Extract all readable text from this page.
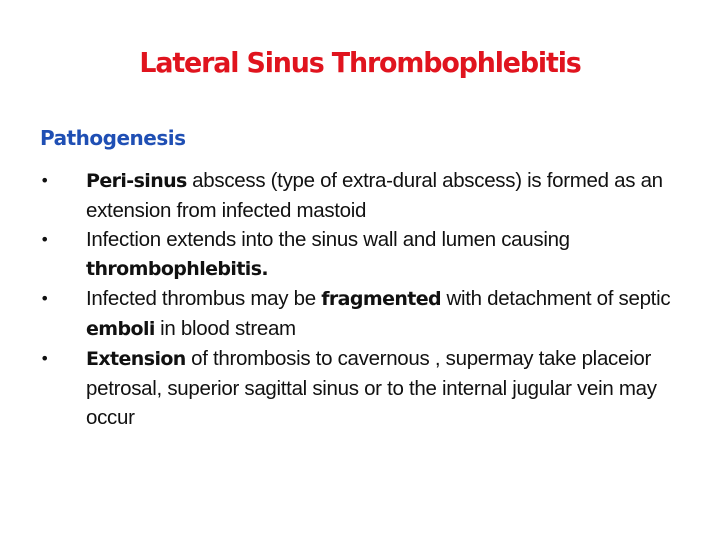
Lateral Sinus Thrombophlebitis
Pathogenesis
•	Peri-sinus abscess (type of extra-dural abscess) is formed as an extension from infected mastoid
•	Infection extends into the sinus wall and lumen causing thrombophlebitis.
•	Infected thrombus may be fragmented with detachment of septic emboli in blood stream
•	Extension of thrombosis to cavernous , supermay take placeior petrosal, superior sagittal sinus or to the internal jugular vein may occur
